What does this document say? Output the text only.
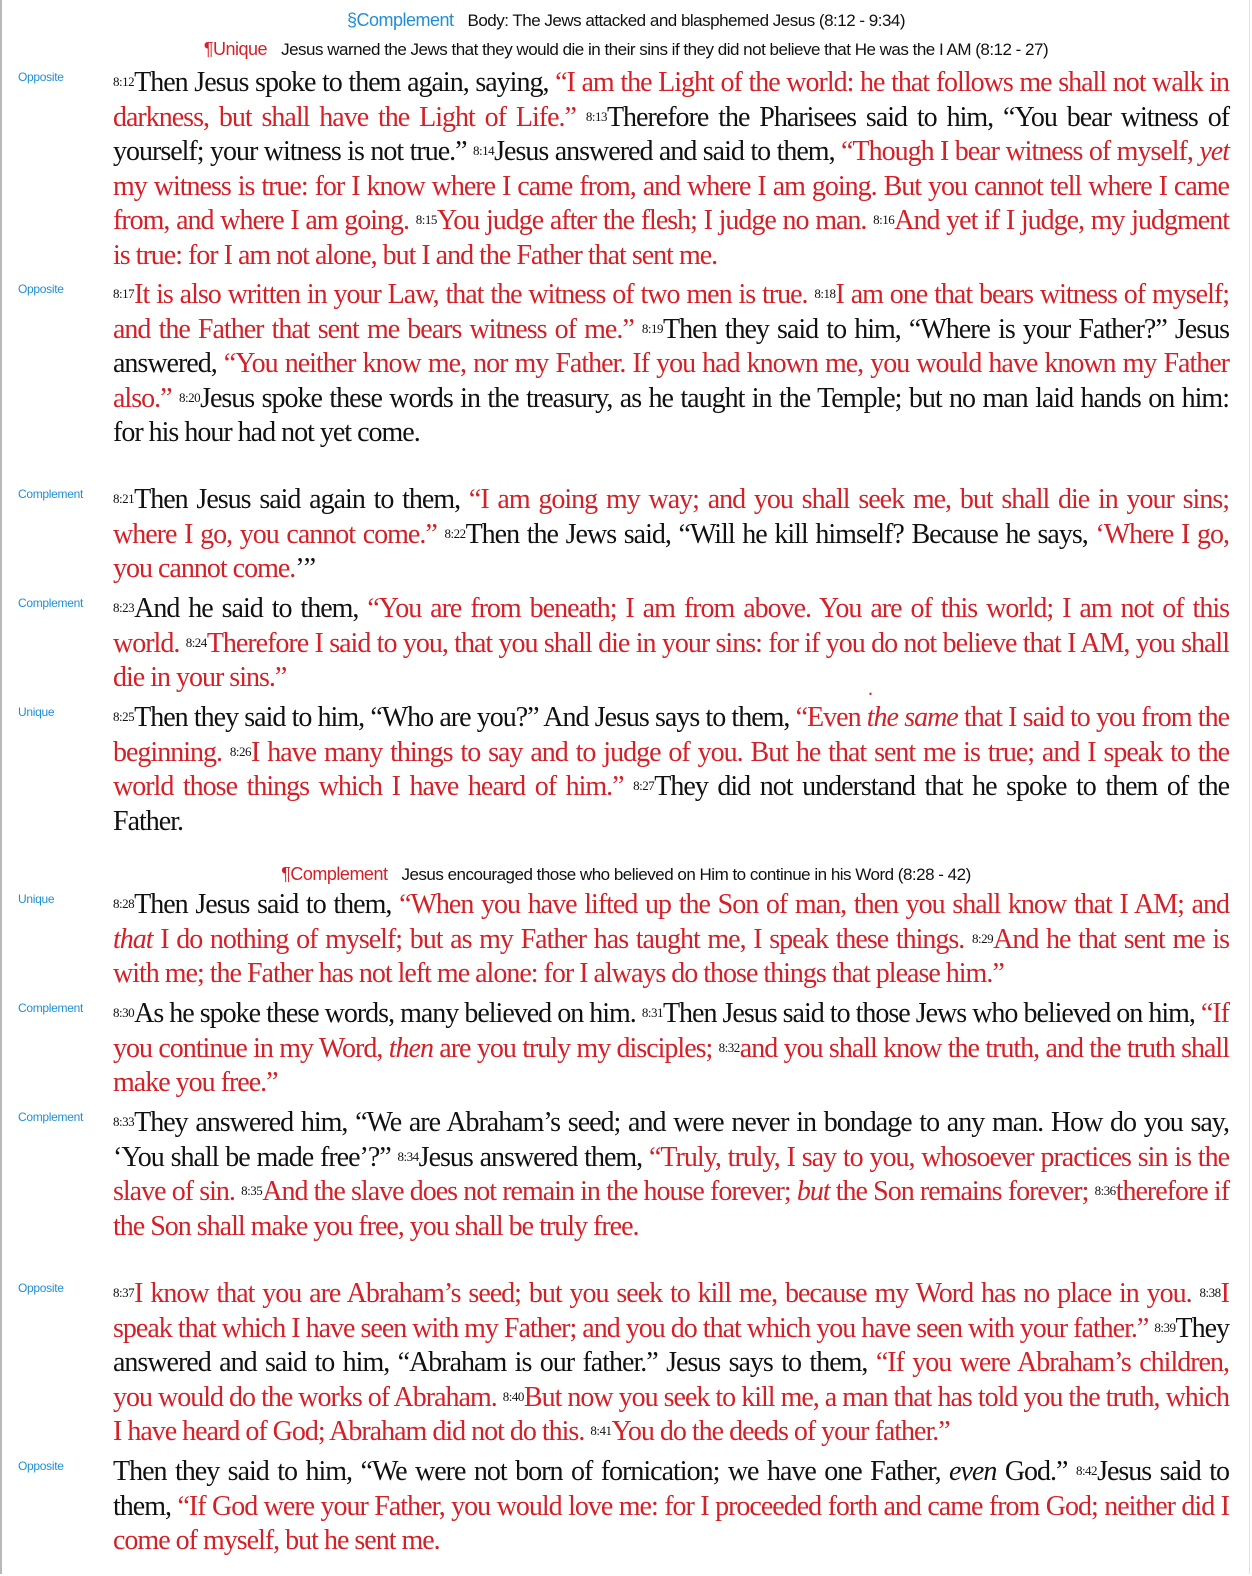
§Complement Body: The Jews attacked and blasphemed Jesus (8:12 - 9:34)
¶Unique Jesus warned the Jews that they would die in their sins if they did not believe that He was the I AM (8:12 - 27)
Opposite	$^{8:12}$Then Jesus spoke to them again, saying, “I am the Light of the world: he that follows me shall not walk in darkness, but shall have the Light of Life.” $^{8:13}$Therefore the Pharisees said to him, “You bear witness of yourself; your witness is not true.” $^{8:14}$Jesus answered and said to them, “Though I bear witness of myself, yet my witness is true: for I know where I came from, and where I am going. But you cannot tell where I came from, and where I am going. $^{8:15}$You judge after the flesh; I judge no man. $^{8:16}$And yet if I judge, my judgment is true: for I am not alone, but I and the Father that sent me.
Opposite	$^{8:17}$It is also written in your Law, that the witness of two men is true. $^{8:18}$I am one that bears witness of myself; and the Father that sent me bears witness of me.” $^{8:19}$Then they said to him, “Where is your Father?” Jesus answered, “You neither know me, nor my Father. If you had known me, you would have known my Father also.” $^{8:20}$Jesus spoke these words in the treasury, as he taught in the Temple; but no man laid hands on him: for his hour had not yet come.
Complement $^{8:21}$Then Jesus said again to them, “I am going my way; and you shall seek me, but shall die in your sins; where I go, you cannot come.” $^{8:22}$Then the Jews said, “Will he kill himself? Because he says, ‘Where I go, you cannot come.’”
Complement $^{8:23}$And he said to them, “You are from beneath; I am from above. You are of this world; I am not of this world. $^{8:24}$Therefore I said to you, that you shall die in your sins: for if you do not believe that I AM, you shall die in your sins.”	.
Unique	$^{8:25}$Then they said to him, “Who are you?” And Jesus says to them, “Even the same that I said to you from the beginning. $^{8:26}$I have many things to say and to judge of you. But he that sent me is true; and I speak to the world those things which I have heard of him.” $^{8:27}$They did not understand that he spoke to them of the Father.
¶Complement Jesus encouraged those who believed on Him to continue in his Word (8:28 - 42)
Unique	$^{8:28}$Then Jesus said to them, “When you have lifted up the Son of man, then you shall know that I AM; and that I do nothing of myself; but as my Father has taught me, I speak these things. $^{8:29}$And he that sent me is with me; the Father has not left me alone: for I always do those things that please him.”
Complement $^{8:30}$As he spoke these words, many believed on him. $^{8:31}$Then Jesus said to those Jews who believed on him, “If you continue in my Word, then are you truly my disciples; $^{8:32}$and you shall know the truth, and the truth shall make you free.”
Complement $^{8:33}$They answered him, “We are Abraham’s seed; and were never in bondage to any man. How do you say, ‘You shall be made free’?” $^{8:34}$Jesus answered them, “Truly, truly, I say to you, whosoever practices sin is the slave of sin. $^{8:35}$And the slave does not remain in the house forever; but the Son remains forever; $^{8:36}$therefore if the Son shall make you free, you shall be truly free.
Opposite	$^{8:37}$I know that you are Abraham’s seed; but you seek to kill me, because my Word has no place in you. $^{8:38}$I speak that which I have seen with my Father; and you do that which you have seen with your father.” $^{8:39}$They answered and said to him, “Abraham is our father.” Jesus says to them, “If you were Abraham’s children, you would do the works of Abraham. $^{8:40}$But now you seek to kill me, a man that has told you the truth, which I have heard of God; Abraham did not do this. $^{8:41}$You do the deeds of your father.”
Opposite Then they said to him, “We were not born of fornication; we have one Father, even God.” $^{8:42}$Jesus said to them, “If God were your Father, you would love me: for I proceeded forth and came from God; neither did I come of myself, but he sent me.
